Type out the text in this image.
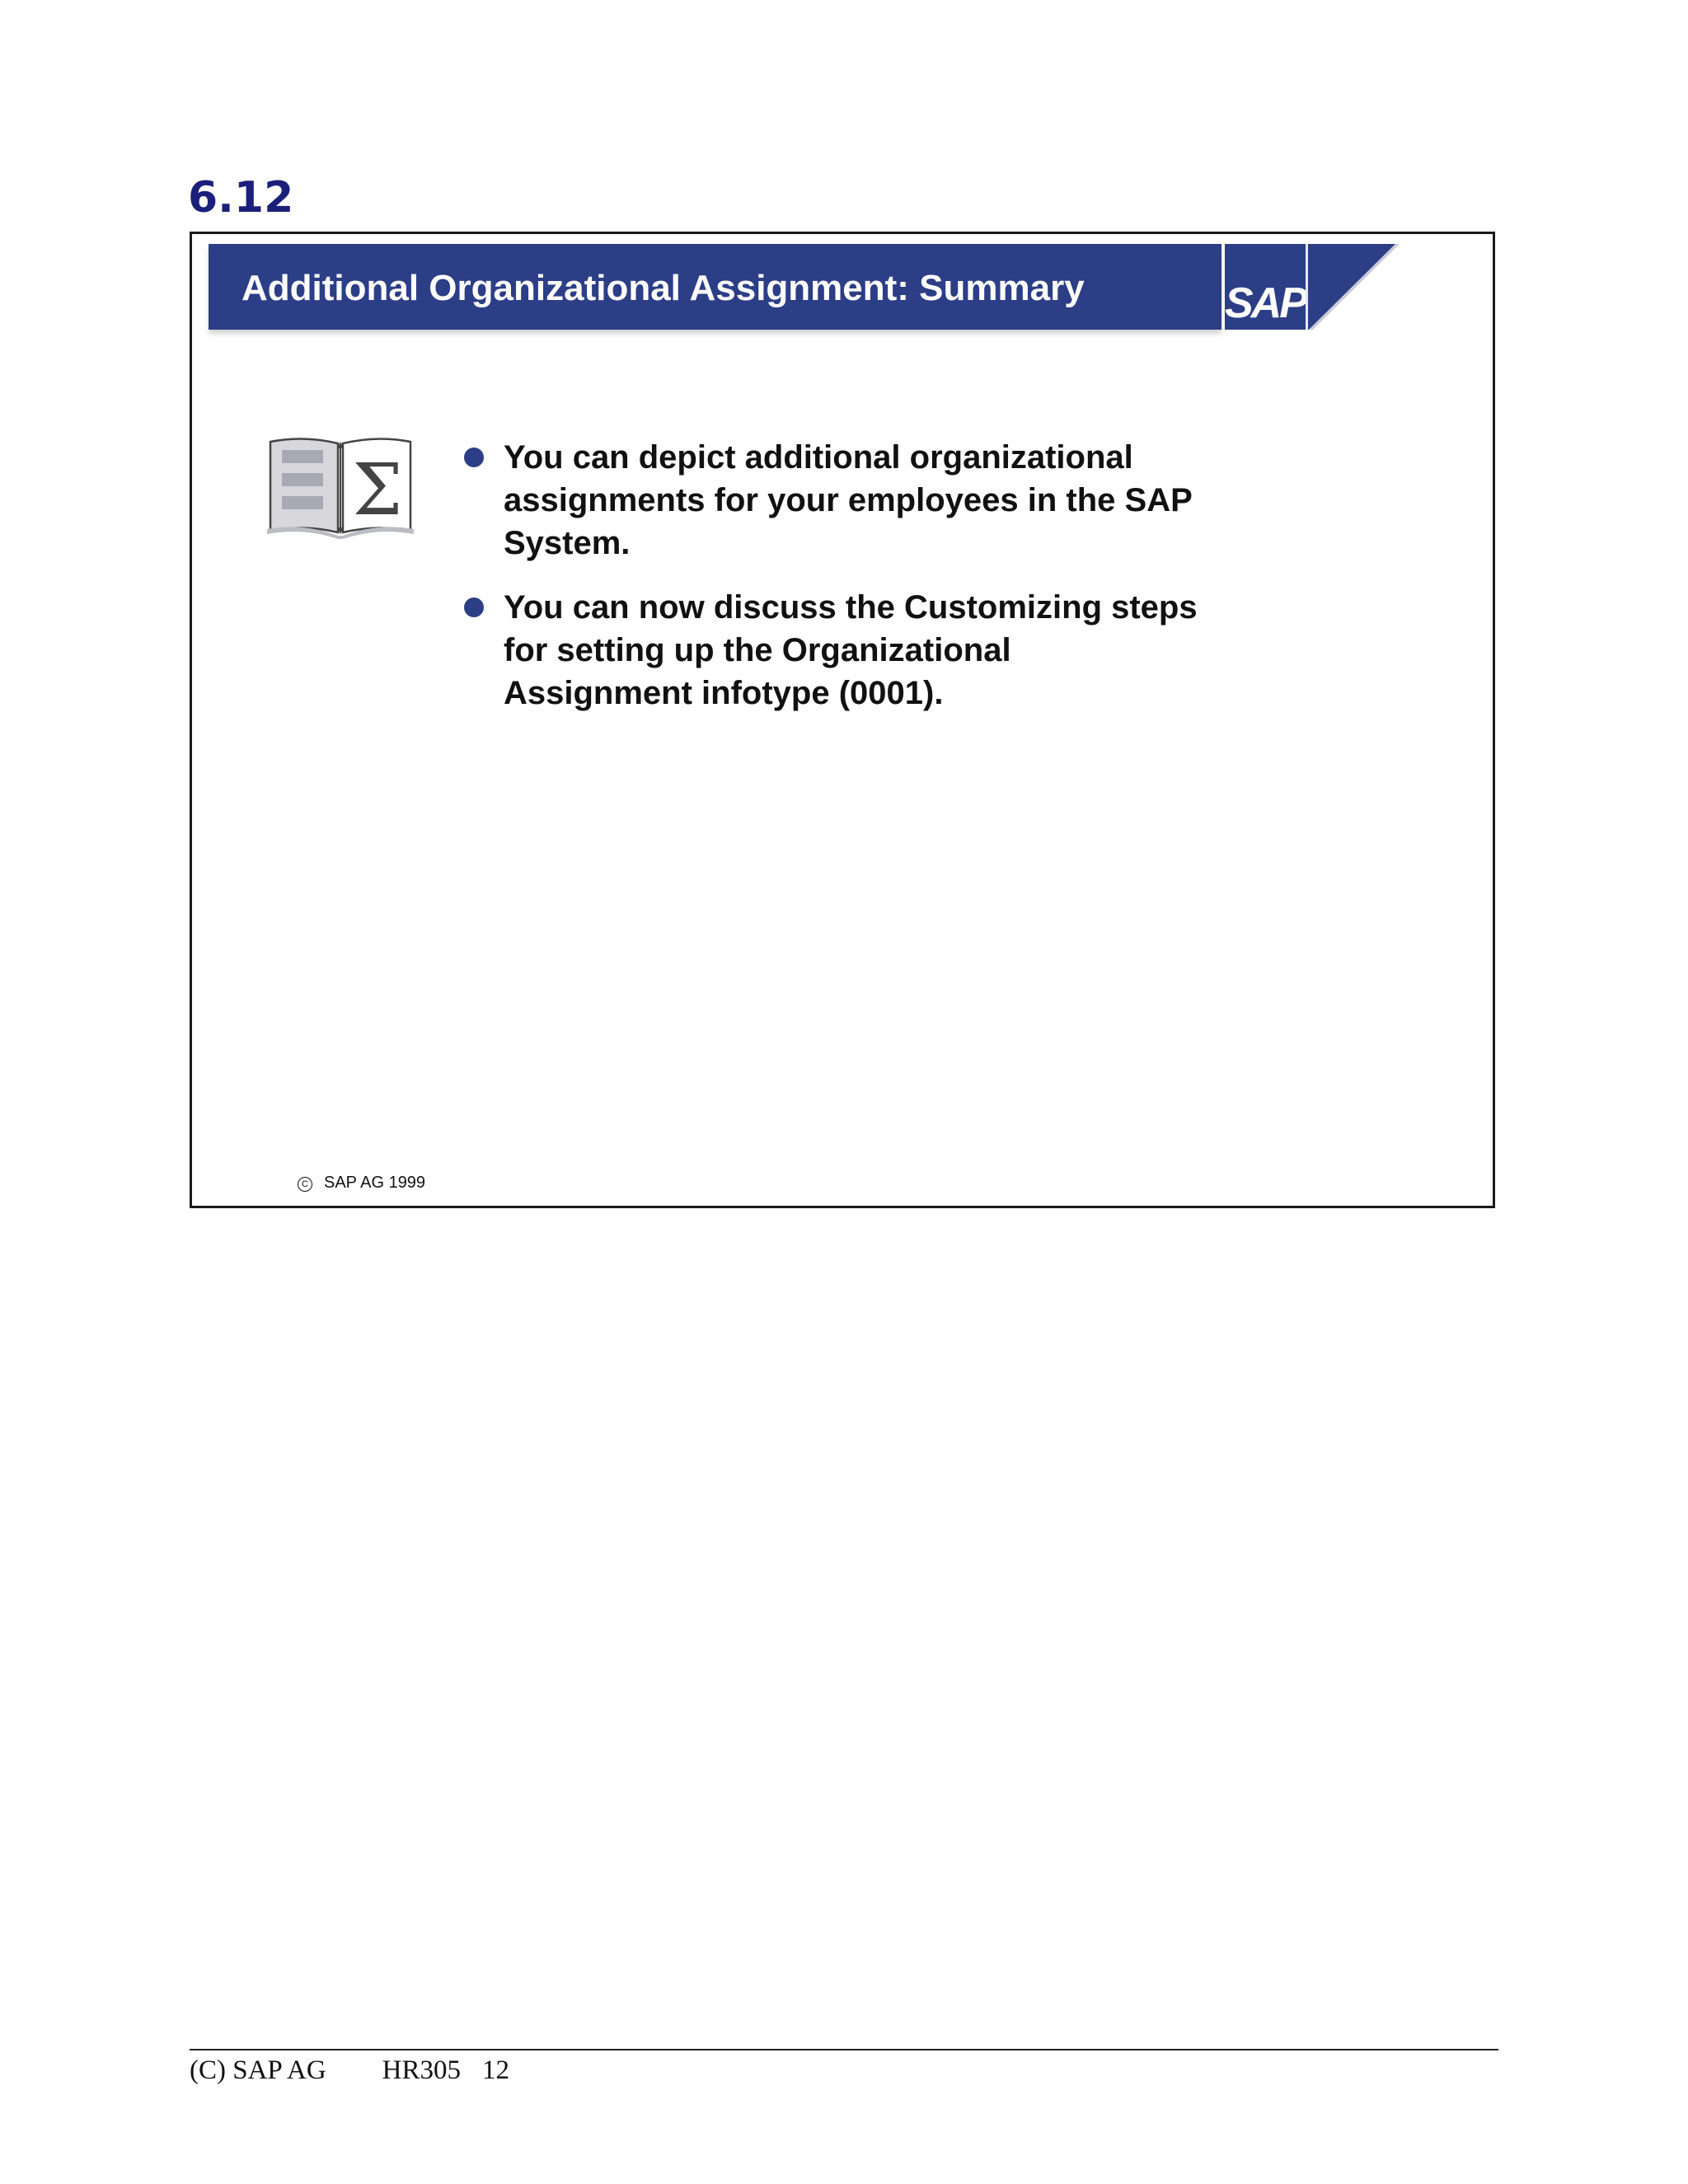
6.12
Additional Organizational Assignment: Summary	SAP
Σ	You can depict additional organizational assignments for your employees in the SAP System.
You can now discuss the Customizing steps for setting up the Organizational Assignment infotype (0001).
C SAP AG 1999
(C) SAP AG HR305 12
